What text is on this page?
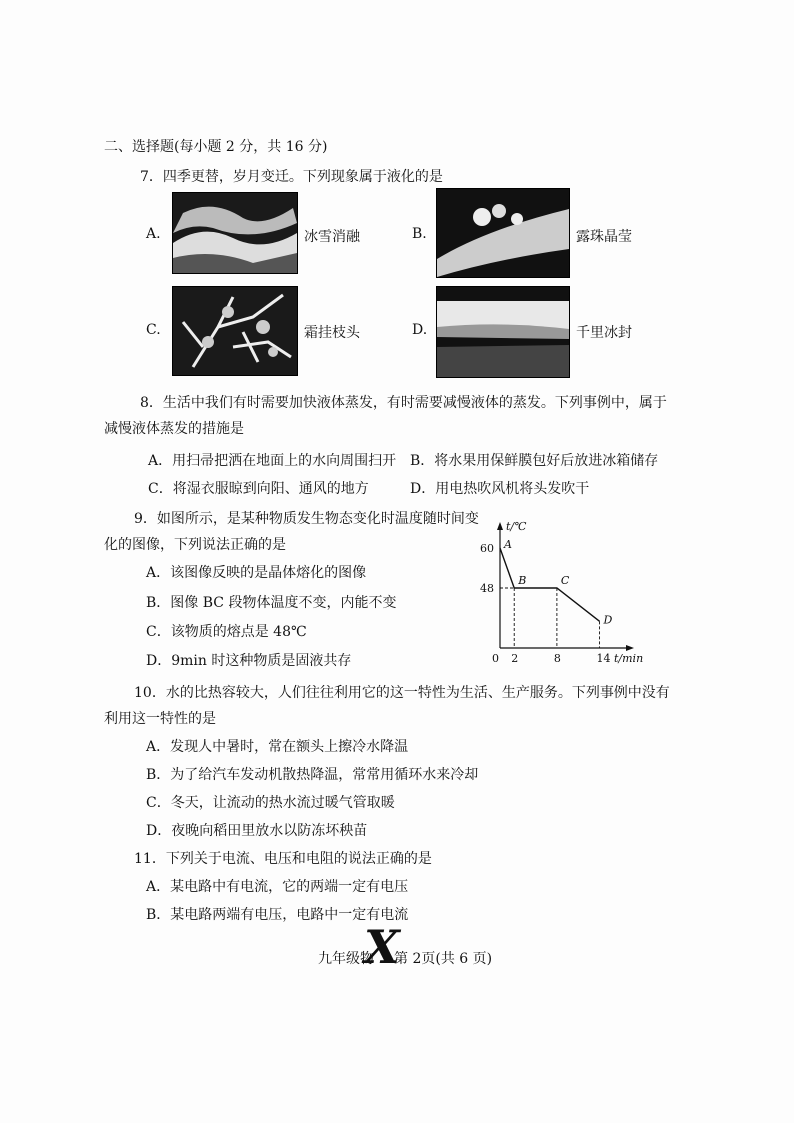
二、选择题(每小题 2 分，共 16 分)
7．四季更替，岁月变迁。下列现象属于液化的是
A.	冰雪消融	B.	露珠晶莹
C.	霜挂枝头	D.	千里冰封
8．生活中我们有时需要加快液体蒸发，有时需要减慢液体的蒸发。下列事例中，属于
减慢液体蒸发的措施是
A．用扫帚把洒在地面上的水向周围扫开 B．将水果用保鲜膜包好后放进冰箱储存
C．将湿衣服晾到向阳、通风的地方	D．用电热吹风机将头发吹干
9．如图所示，是某种物质发生物态变化时温度随时间变
化的图像，下列说法正确的是
A．该图像反映的是晶体熔化的图像
B．图像 BC 段物体温度不变，内能不变
C．该物质的熔点是 48℃
D．9min 时这种物质是固液共存
t/℃
t/min
A
B	C
D
0 2	8	14
60
48
10．水的比热容较大，人们往往利用它的这一特性为生活、生产服务。下列事例中没有
利用这一特性的是
A．发现人中暑时，常在额头上擦冷水降温
B．为了给汽车发动机散热降温，常常用循环水来冷却
C．冬天，让流动的热水流过暖气管取暖
D．夜晚向稻田里放水以防冻坏秧苗
11．下列关于电流、电压和电阻的说法正确的是
A．某电路中有电流，它的两端一定有电压
B．某电路两端有电压，电路中一定有电流
九年级物
X
第 2页(共 6 页)
